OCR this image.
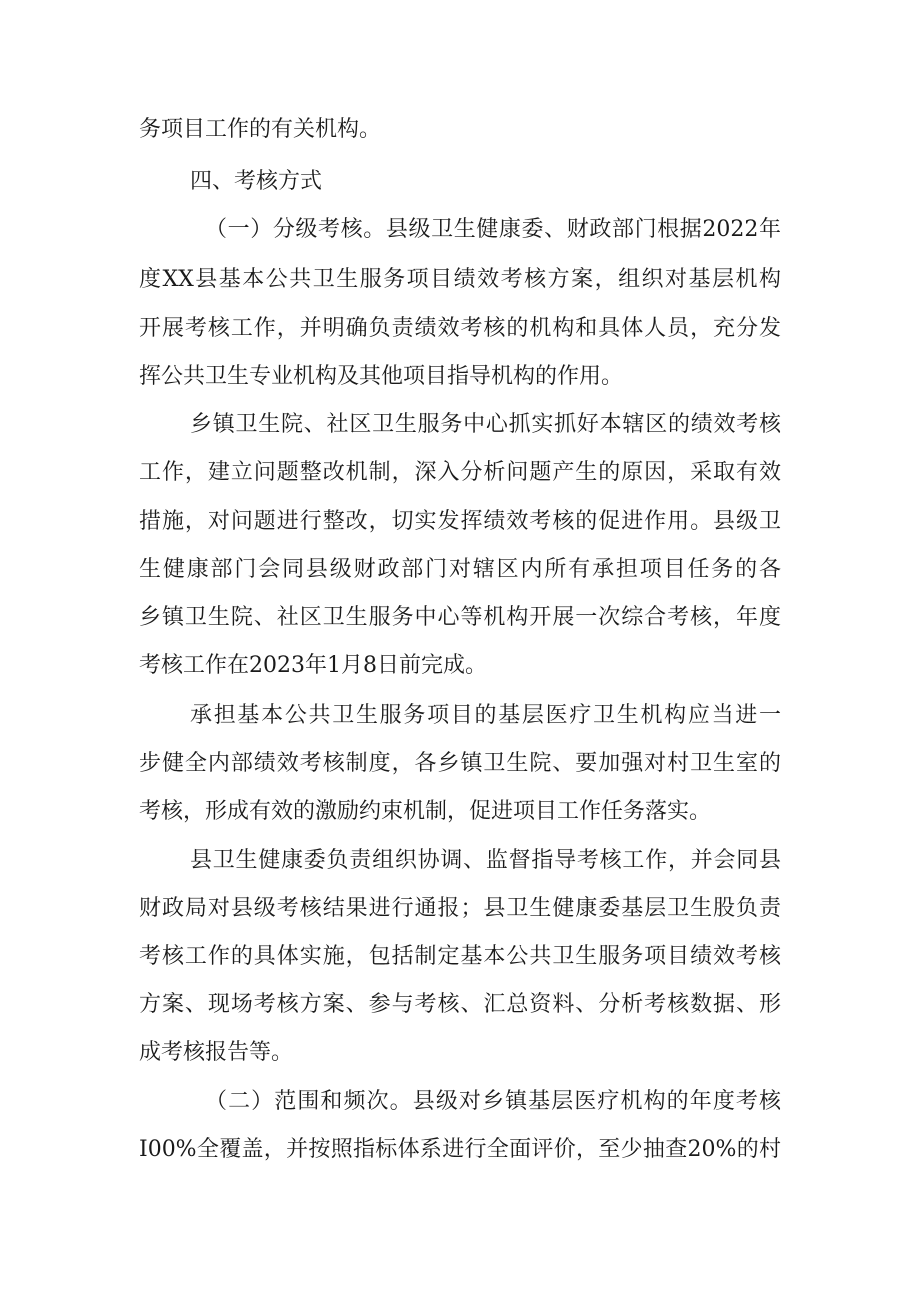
务项目工作的有关机构。
四、考核方式
（一）分级考核。县级卫生健康委、财政部门根据2022年
度XX县基本公共卫生服务项目绩效考核方案，组织对基层机构
开展考核工作，并明确负责绩效考核的机构和具体人员，充分发
挥公共卫生专业机构及其他项目指导机构的作用。
乡镇卫生院、社区卫生服务中心抓实抓好本辖区的绩效考核
工作，建立问题整改机制，深入分析问题产生的原因，采取有效
措施，对问题进行整改，切实发挥绩效考核的促进作用。县级卫
生健康部门会同县级财政部门对辖区内所有承担项目任务的各
乡镇卫生院、社区卫生服务中心等机构开展一次综合考核，年度
考核工作在2023年1月8日前完成。
承担基本公共卫生服务项目的基层医疗卫生机构应当进一
步健全内部绩效考核制度，各乡镇卫生院、要加强对村卫生室的
考核，形成有效的激励约束机制，促进项目工作任务落实。
县卫生健康委负责组织协调、监督指导考核工作，并会同县
财政局对县级考核结果进行通报；县卫生健康委基层卫生股负责
考核工作的具体实施，包括制定基本公共卫生服务项目绩效考核
方案、现场考核方案、参与考核、汇总资料、分析考核数据、形
成考核报告等。
（二）范围和频次。县级对乡镇基层医疗机构的年度考核
I00%全覆盖，并按照指标体系进行全面评价，至少抽查20%的村
